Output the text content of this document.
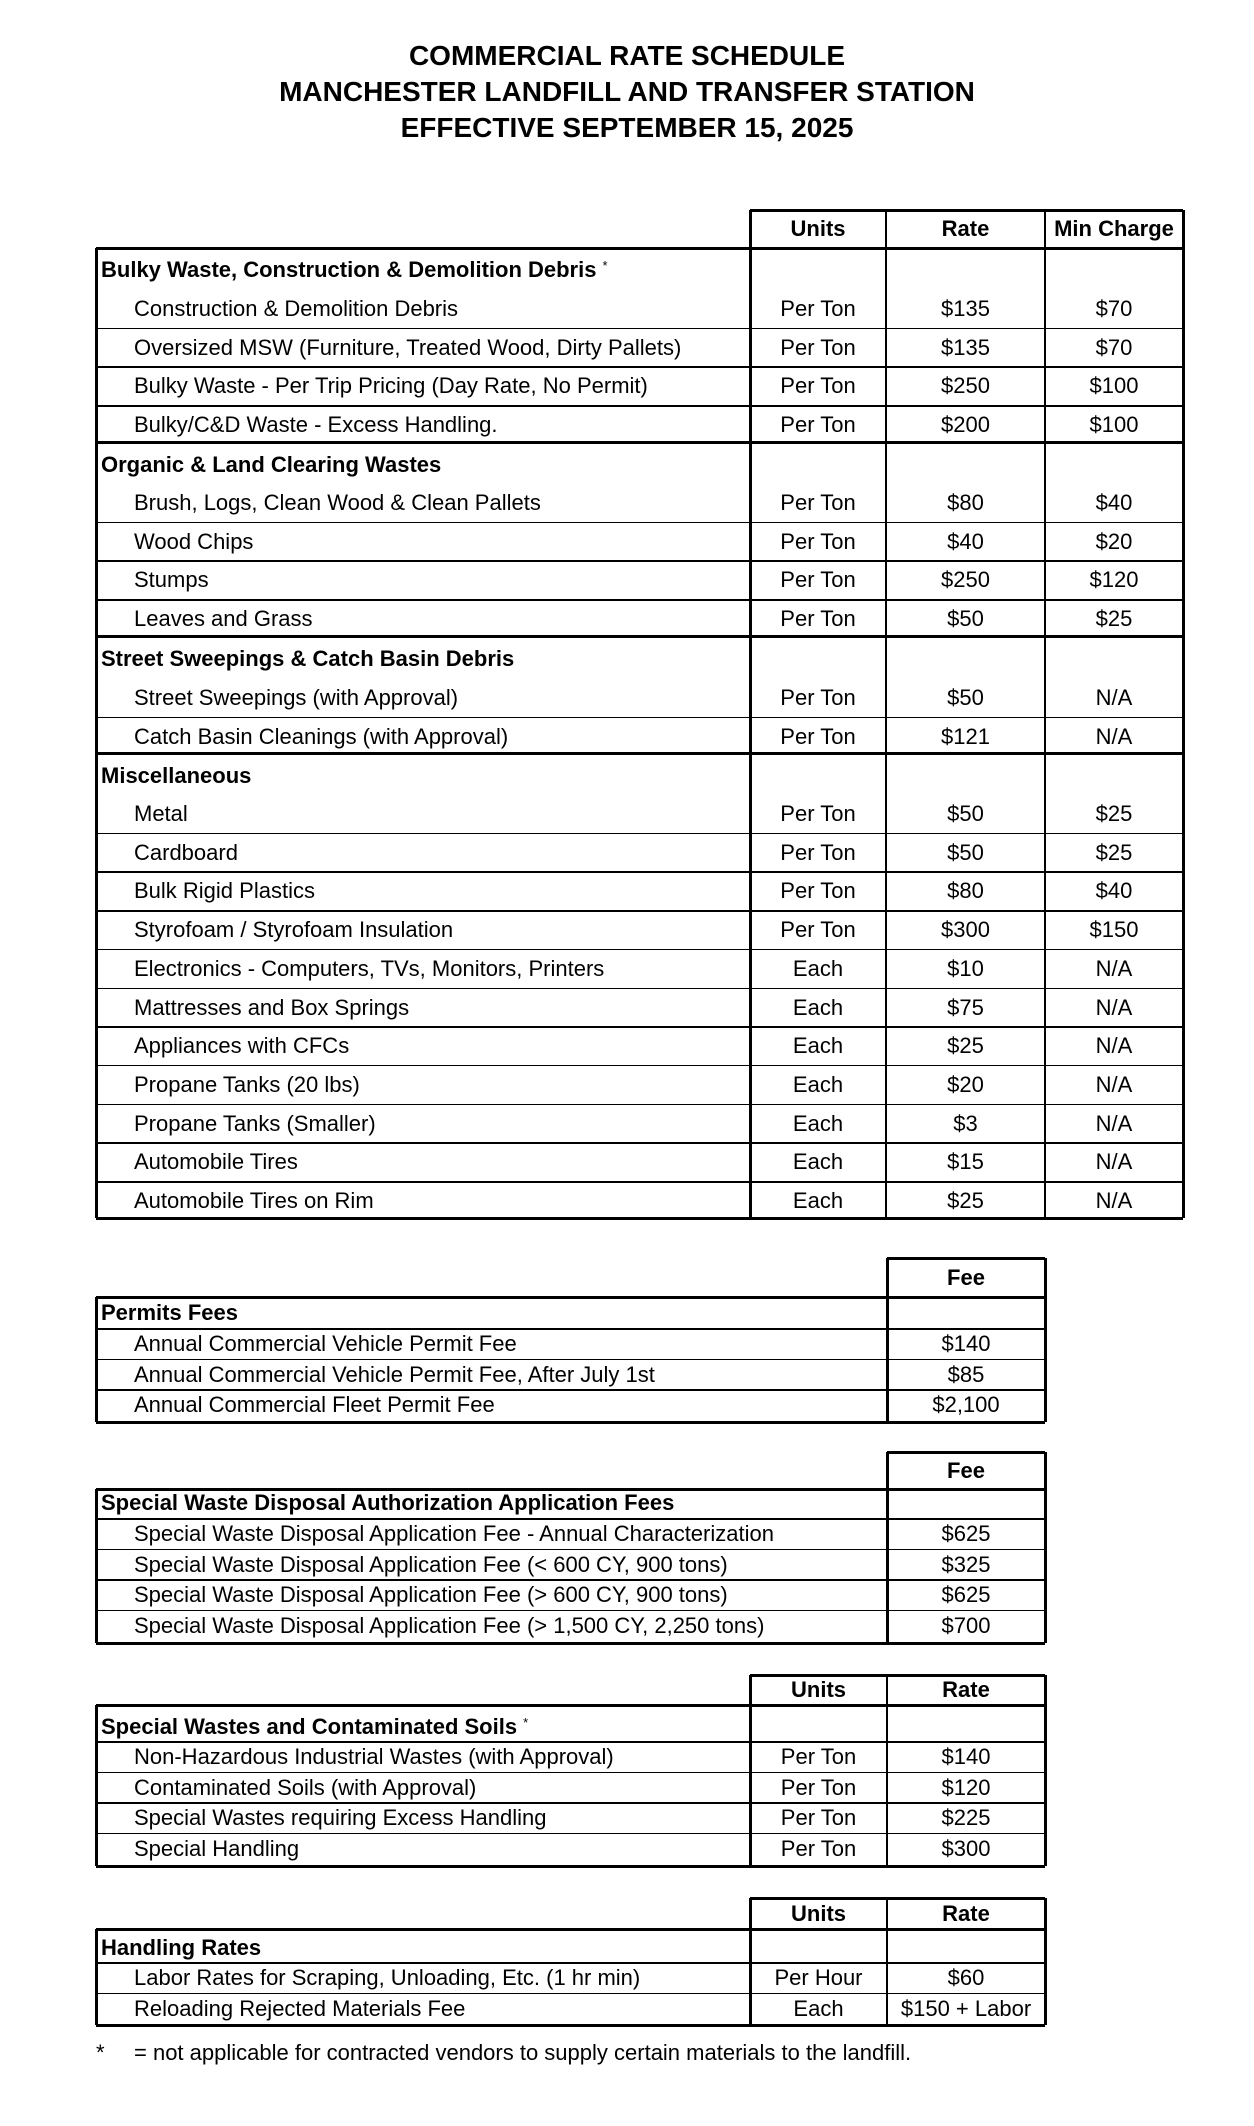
COMMERCIAL RATE SCHEDULE
MANCHESTER LANDFILL AND TRANSFER STATION
EFFECTIVE SEPTEMBER 15, 2025
Units	Rate	Min Charge
Bulky Waste, Construction & Demolition Debris *
Construction & Demolition Debris	Per Ton	$135	$70
Oversized MSW (Furniture, Treated Wood, Dirty Pallets)	Per Ton	$135	$70
Bulky Waste - Per Trip Pricing (Day Rate, No Permit)	Per Ton	$250	$100
Bulky/C&D Waste - Excess Handling.	Per Ton	$200	$100
Organic & Land Clearing Wastes
Brush, Logs, Clean Wood & Clean Pallets	Per Ton	$80	$40
Wood Chips	Per Ton	$40	$20
Stumps	Per Ton	$250	$120
Leaves and Grass	Per Ton	$50	$25
Street Sweepings & Catch Basin Debris
Street Sweepings (with Approval)	Per Ton	$50	N/A
Catch Basin Cleanings (with Approval)	Per Ton	$121	N/A
Miscellaneous
Metal	Per Ton	$50	$25
Cardboard	Per Ton	$50	$25
Bulk Rigid Plastics	Per Ton	$80	$40
Styrofoam / Styrofoam Insulation	Per Ton	$300	$150
Electronics - Computers, TVs, Monitors, Printers	Each	$10	N/A
Mattresses and Box Springs	Each	$75	N/A
Appliances with CFCs	Each	$25	N/A
Propane Tanks (20 lbs)	Each	$20	N/A
Propane Tanks (Smaller)	Each	$3	N/A
Automobile Tires	Each	$15	N/A
Automobile Tires on Rim	Each	$25	N/A
Fee
Permits Fees
Annual Commercial Vehicle Permit Fee	$140
Annual Commercial Vehicle Permit Fee, After July 1st	$85
Annual Commercial Fleet Permit Fee	$2,100
Fee
Special Waste Disposal Authorization Application Fees
Special Waste Disposal Application Fee - Annual Characterization	$625
Special Waste Disposal Application Fee (< 600 CY, 900 tons)	$325
Special Waste Disposal Application Fee (> 600 CY, 900 tons)	$625
Special Waste Disposal Application Fee (> 1,500 CY, 2,250 tons)	$700
Units	Rate
Special Wastes and Contaminated Soils *
Non-Hazardous Industrial Wastes (with Approval)	Per Ton	$140
Contaminated Soils (with Approval)	Per Ton	$120
Special Wastes requiring Excess Handling	Per Ton	$225
Special Handling	Per Ton	$300
Units	Rate
Handling Rates
Labor Rates for Scraping, Unloading, Etc. (1 hr min)	Per Hour	$60
Reloading Rejected Materials Fee	Each	$150 + Labor
* = not applicable for contracted vendors to supply certain materials to the landfill.
